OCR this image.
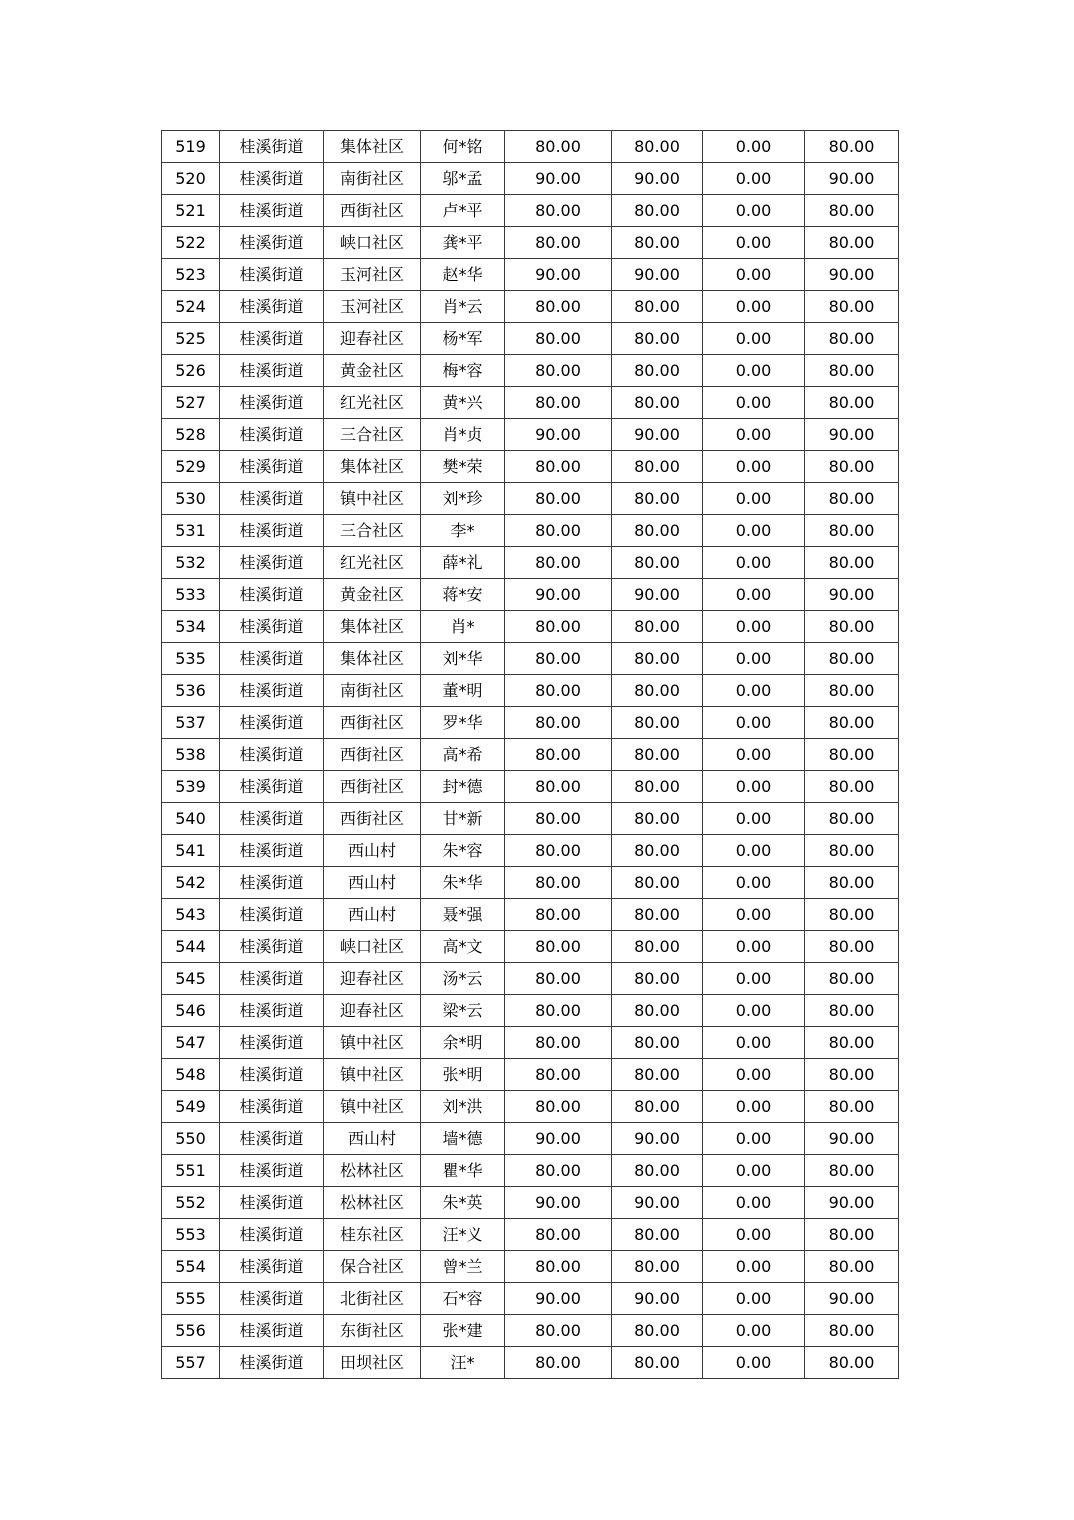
519	桂溪街道	集体社区	何*铭	80.00	80.00	0.00	80.00
520	桂溪街道	南街社区	邬*孟	90.00	90.00	0.00	90.00
521	桂溪街道	西街社区	卢*平	80.00	80.00	0.00	80.00
522	桂溪街道	峡口社区	龚*平	80.00	80.00	0.00	80.00
523	桂溪街道	玉河社区	赵*华	90.00	90.00	0.00	90.00
524	桂溪街道	玉河社区	肖*云	80.00	80.00	0.00	80.00
525	桂溪街道	迎春社区	杨*军	80.00	80.00	0.00	80.00
526	桂溪街道	黄金社区	梅*容	80.00	80.00	0.00	80.00
527	桂溪街道	红光社区	黄*兴	80.00	80.00	0.00	80.00
528	桂溪街道	三合社区	肖*贞	90.00	90.00	0.00	90.00
529	桂溪街道	集体社区	樊*荣	80.00	80.00	0.00	80.00
530	桂溪街道	镇中社区	刘*珍	80.00	80.00	0.00	80.00
531	桂溪街道	三合社区	李*	80.00	80.00	0.00	80.00
532	桂溪街道	红光社区	薛*礼	80.00	80.00	0.00	80.00
533	桂溪街道	黄金社区	蒋*安	90.00	90.00	0.00	90.00
534	桂溪街道	集体社区	肖*	80.00	80.00	0.00	80.00
535	桂溪街道	集体社区	刘*华	80.00	80.00	0.00	80.00
536	桂溪街道	南街社区	董*明	80.00	80.00	0.00	80.00
537	桂溪街道	西街社区	罗*华	80.00	80.00	0.00	80.00
538	桂溪街道	西街社区	高*希	80.00	80.00	0.00	80.00
539	桂溪街道	西街社区	封*德	80.00	80.00	0.00	80.00
540	桂溪街道	西街社区	甘*新	80.00	80.00	0.00	80.00
541	桂溪街道	西山村	朱*容	80.00	80.00	0.00	80.00
542	桂溪街道	西山村	朱*华	80.00	80.00	0.00	80.00
543	桂溪街道	西山村	聂*强	80.00	80.00	0.00	80.00
544	桂溪街道	峡口社区	高*文	80.00	80.00	0.00	80.00
545	桂溪街道	迎春社区	汤*云	80.00	80.00	0.00	80.00
546	桂溪街道	迎春社区	梁*云	80.00	80.00	0.00	80.00
547	桂溪街道	镇中社区	余*明	80.00	80.00	0.00	80.00
548	桂溪街道	镇中社区	张*明	80.00	80.00	0.00	80.00
549	桂溪街道	镇中社区	刘*洪	80.00	80.00	0.00	80.00
550	桂溪街道	西山村	墙*德	90.00	90.00	0.00	90.00
551	桂溪街道	松林社区	瞿*华	80.00	80.00	0.00	80.00
552	桂溪街道	松林社区	朱*英	90.00	90.00	0.00	90.00
553	桂溪街道	桂东社区	汪*义	80.00	80.00	0.00	80.00
554	桂溪街道	保合社区	曾*兰	80.00	80.00	0.00	80.00
555	桂溪街道	北街社区	石*容	90.00	90.00	0.00	90.00
556	桂溪街道	东街社区	张*建	80.00	80.00	0.00	80.00
557	桂溪街道	田坝社区	汪*	80.00	80.00	0.00	80.00
